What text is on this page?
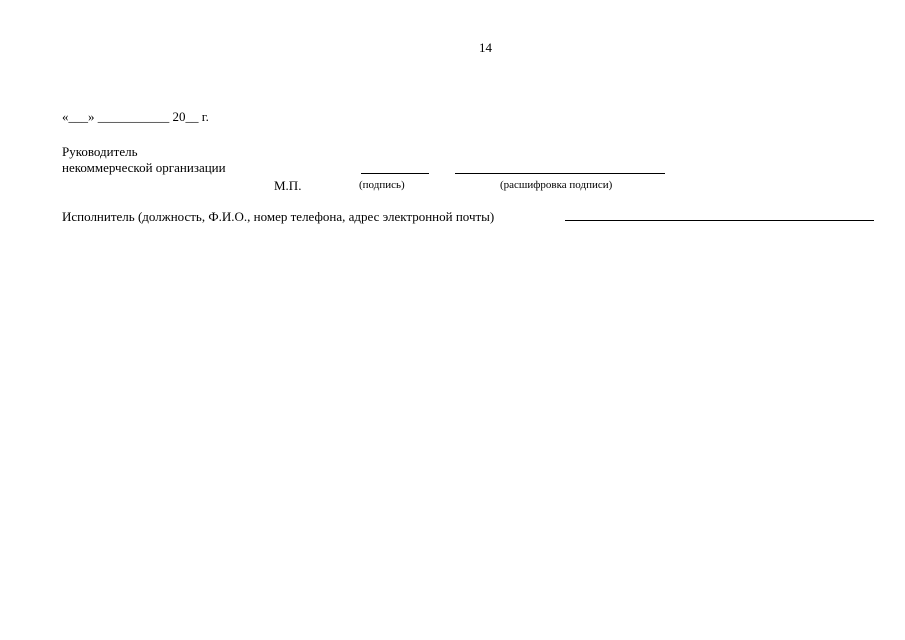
14
«___» ___________ 20__ г.
Руководитель
некоммерческой организации
М.П.	(подпись)	(расшифровка подписи)
Исполнитель (должность, Ф.И.О., номер телефона, адрес электронной почты)
